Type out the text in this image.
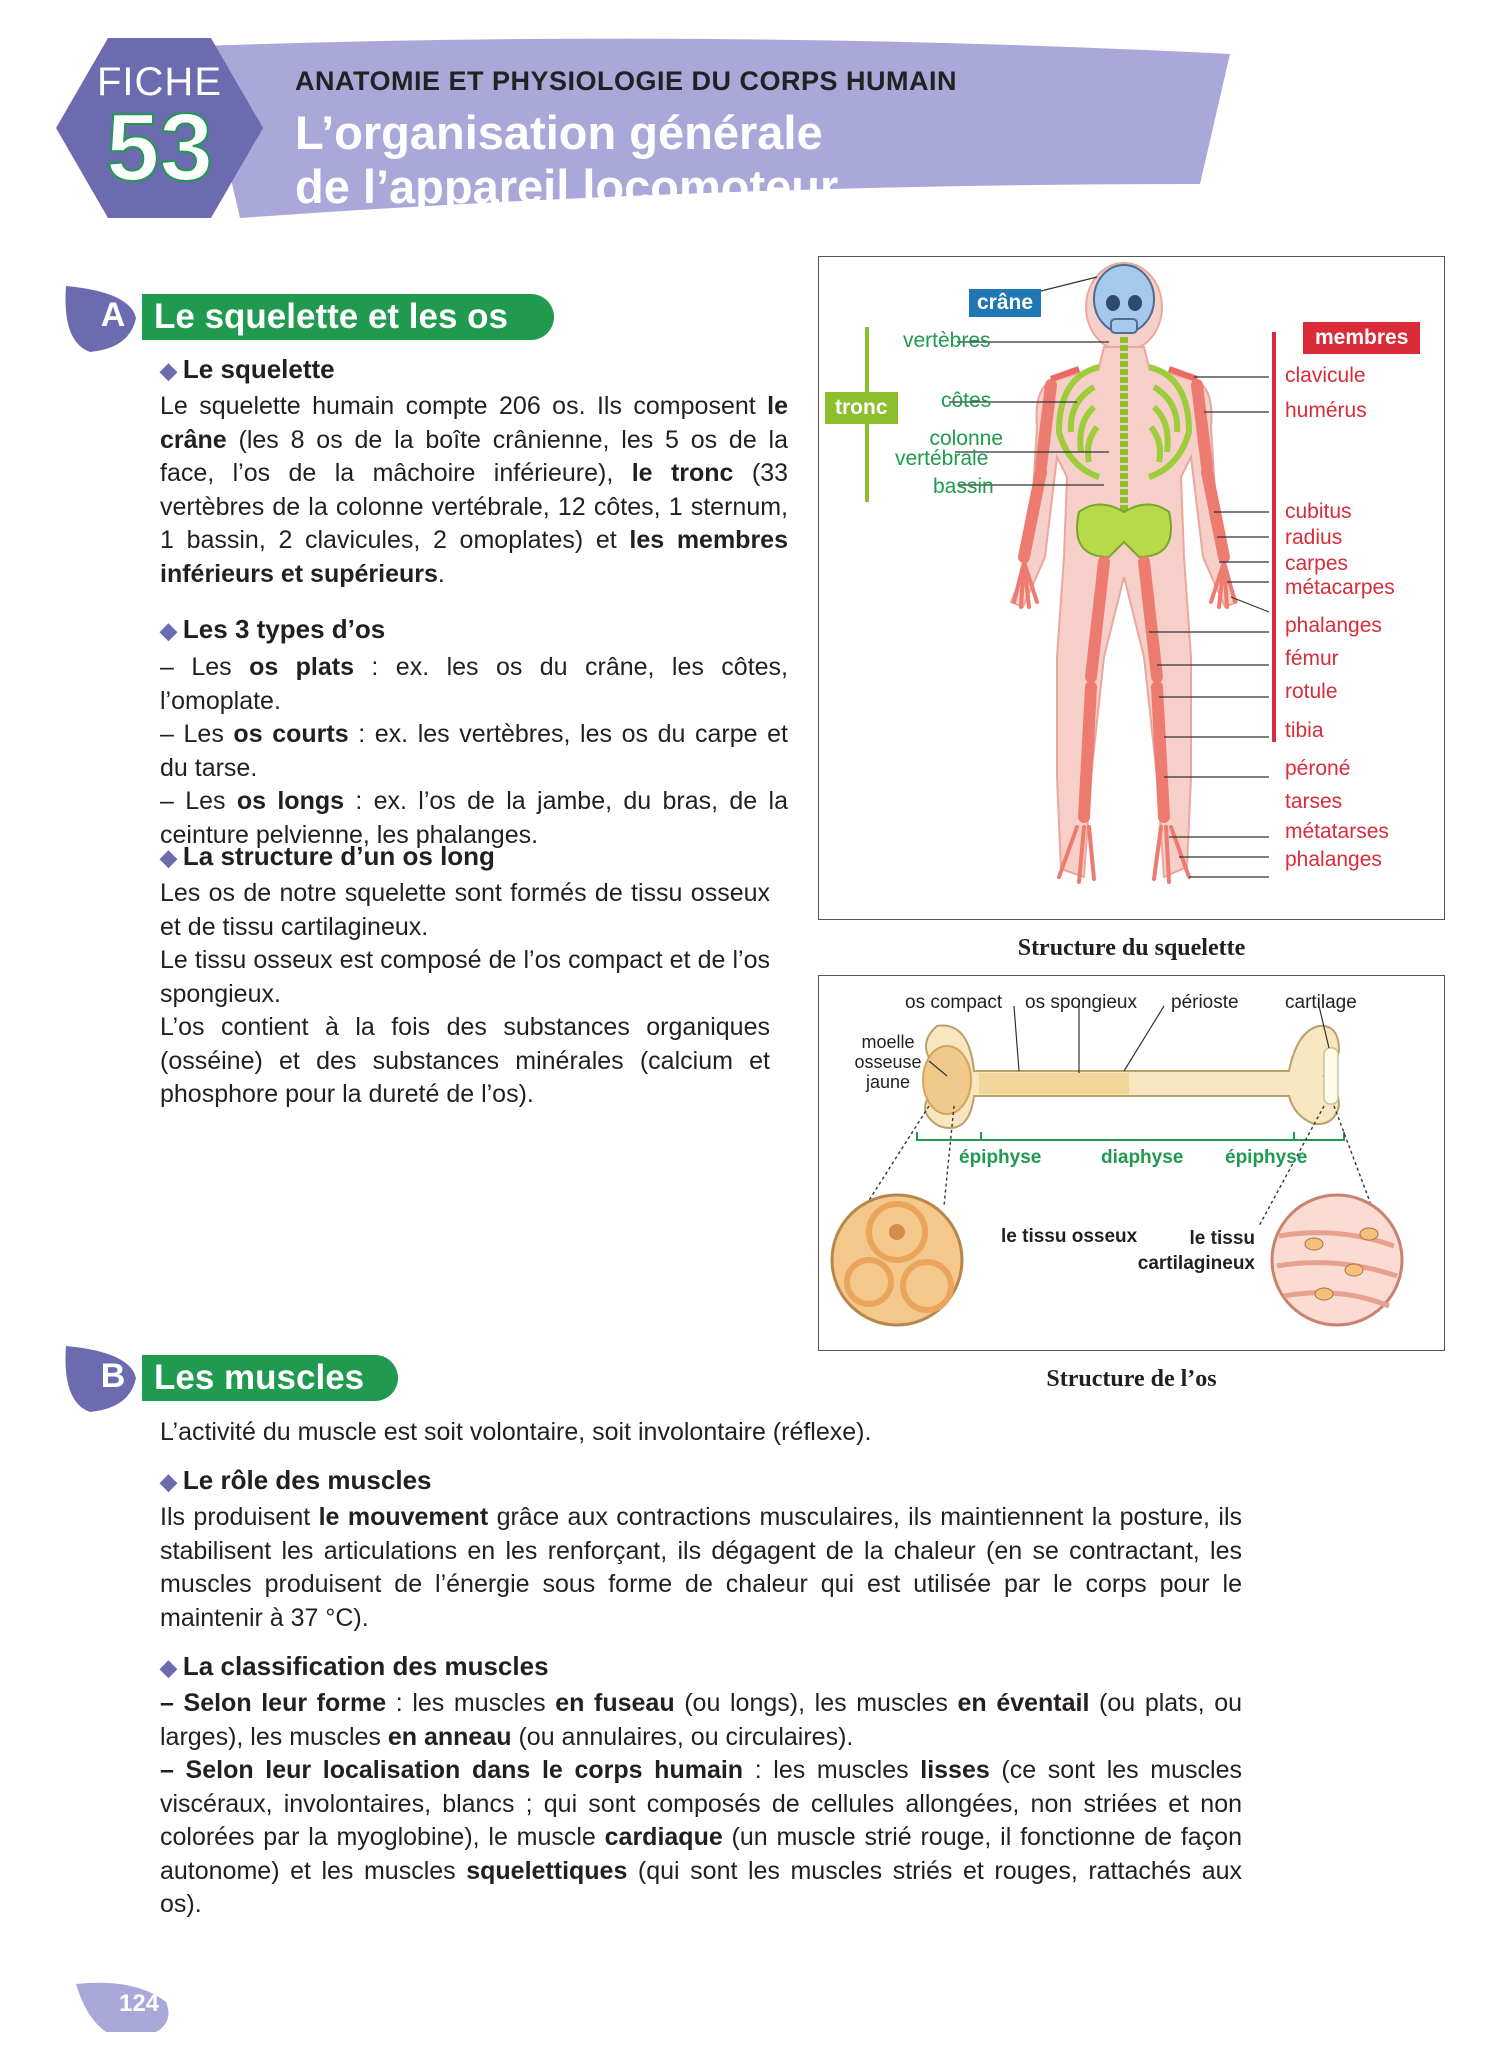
FICHE
53
ANATOMIE ET PHYSIOLOGIE DU CORPS HUMAIN
L’organisation générale
de l’appareil locomoteur
A Le squelette et les os
◆ Le squelette
Le squelette humain compte 206 os. Ils composent le crâne (les 8 os de la boîte crânienne, les 5 os de la face, l’os de la mâchoire inférieure), le tronc (33 vertèbres de la colonne vertébrale, 12 côtes, 1 sternum, 1 bassin, 2 clavicules, 2 omoplates) et les membres inférieurs et supérieurs.
◆ Les 3 types d’os
– Les os plats : ex. les os du crâne, les côtes, l’omoplate.
– Les os courts : ex. les vertèbres, les os du carpe et du tarse.
– Les os longs : ex. l’os de la jambe, du bras, de la ceinture pelvienne, les phalanges.
◆ La structure d’un os long
Les os de notre squelette sont formés de tissu osseux et de tissu cartilagineux.
Le tissu osseux est composé de l’os compact et de l’os spongieux.
L’os contient à la fois des substances organiques (osséine) et des substances minérales (calcium et phosphore pour la dureté de l’os).
crâne
tronc
membres
vertèbres
côtes
colonne
vertébrale
bassin
clavicule
humérus
cubitus
radius
carpes
métacarpes
phalanges
fémur
rotule
tibia
péroné
tarses
métatarses
phalanges
Structure du squelette
os compact os spongieux périoste cartilage
moelle
osseuse
jaune
épiphyse	diaphyse épiphyse
le tissu osseux	le tissu
cartilagineux
Structure de l’os
B Les muscles
L’activité du muscle est soit volontaire, soit involontaire (réflexe).
◆ Le rôle des muscles
Ils produisent le mouvement grâce aux contractions musculaires, ils maintiennent la posture, ils stabilisent les articulations en les renforçant, ils dégagent de la chaleur (en se contractant, les muscles produisent de l’énergie sous forme de chaleur qui est utilisée par le corps pour le maintenir à 37 °C).
◆ La classification des muscles
– Selon leur forme : les muscles en fuseau (ou longs), les muscles en éventail (ou plats, ou larges), les muscles en anneau (ou annulaires, ou circulaires).
– Selon leur localisation dans le corps humain : les muscles lisses (ce sont les muscles viscéraux, involontaires, blancs ; qui sont composés de cellules allongées, non striées et non colorées par la myoglobine), le muscle cardiaque (un muscle strié rouge, il fonctionne de façon autonome) et les muscles squelettiques (qui sont les muscles striés et rouges, rattachés aux os).
124
